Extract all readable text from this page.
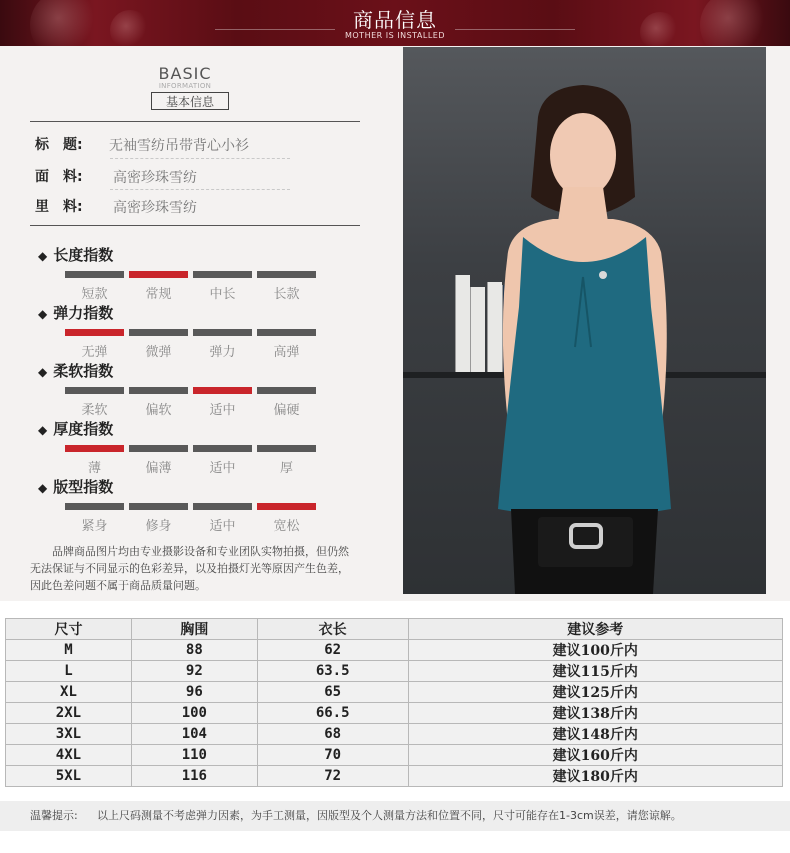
商品信息
MOTHER IS INSTALLED
BASIC
INFORMATION
基本信息
标　题:	无袖雪纺吊带背心小衫
面　料:	高密珍珠雪纺
里　料:	高密珍珠雪纺
◆ 长度指数
短款	常规	中长	长款
◆ 弹力指数
无弹	微弹	弹力	高弹
◆ 柔软指数
柔软	偏软	适中	偏硬
◆ 厚度指数
薄	偏薄	适中	厚
◆ 版型指数
紧身	修身	适中	宽松
　　品牌商品图片均由专业摄影设备和专业团队实物拍摄，但仍然无法保证与不同显示的色彩差异，以及拍摄灯光等原因产生色差，因此色差问题不属于商品质量问题。
尺寸	胸围	衣长	建议参考
M	88	62	建议100斤内
L	92	63.5	建议115斤内
XL	96	65	建议125斤内
2XL	100	66.5	建议138斤内
3XL	104	68	建议148斤内
4XL	110	70	建议160斤内
5XL	116	72	建议180斤内
温馨提示: 以上尺码测量不考虑弹力因素，为手工测量，因版型及个人测量方法和位置不同，尺寸可能存在1-3cm误差，请您谅解。
